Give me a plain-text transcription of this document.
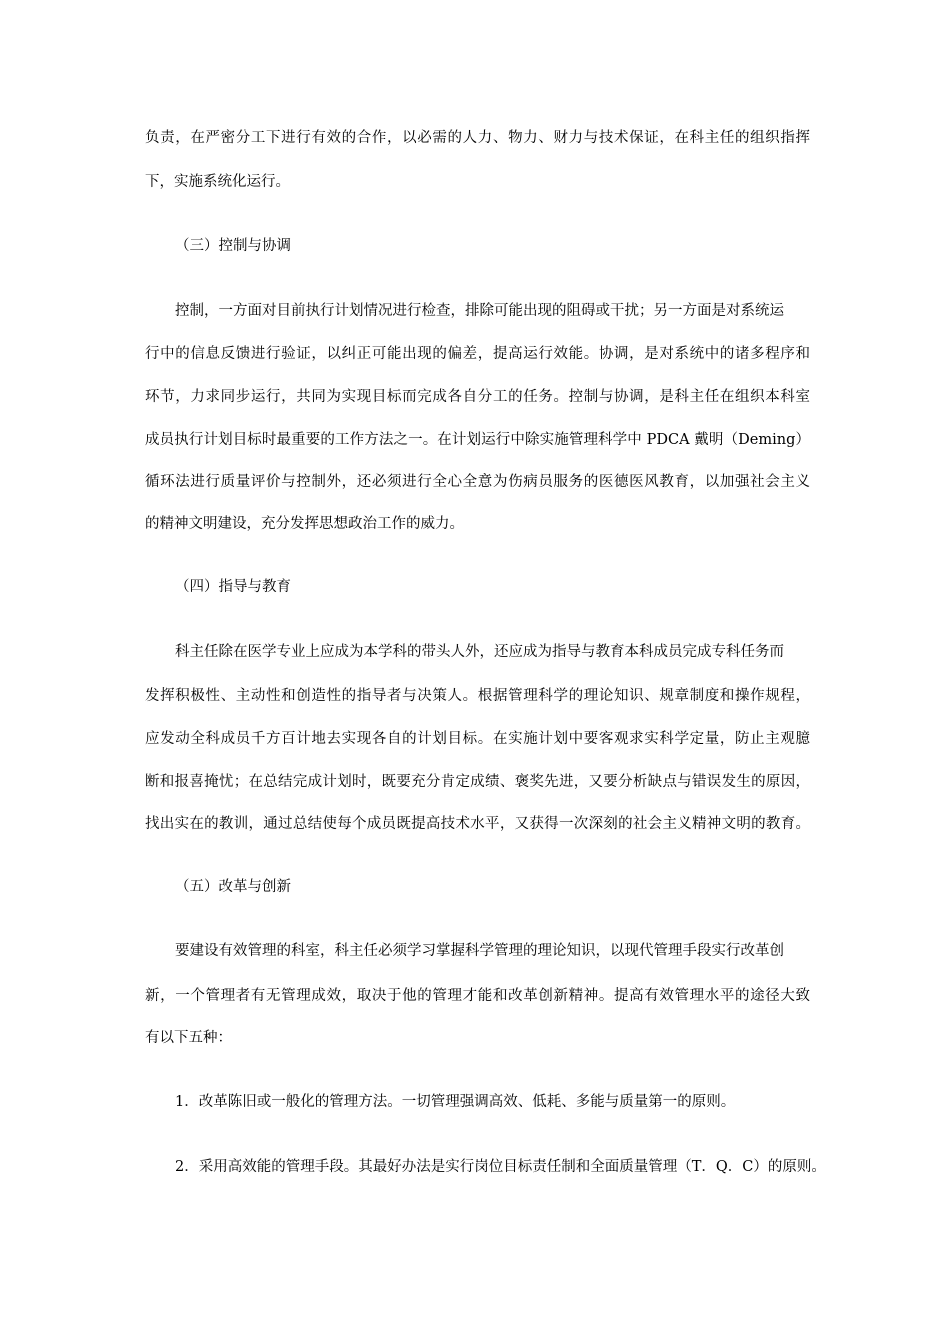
负责，在严密分工下进行有效的合作，以必需的人力、物力、财力与技术保证，在科主任的组织指挥
下，实施系统化运行。
（三）控制与协调
控制，一方面对目前执行计划情况进行检查，排除可能出现的阻碍或干扰；另一方面是对系统运
行中的信息反馈进行验证，以纠正可能出现的偏差，提高运行效能。协调，是对系统中的诸多程序和
环节，力求同步运行，共同为实现目标而完成各自分工的任务。控制与协调，是科主任在组织本科室
成员执行计划目标时最重要的工作方法之一。在计划运行中除实施管理科学中 PDCA 戴明（Deming）
循环法进行质量评价与控制外，还必须进行全心全意为伤病员服务的医德医风教育，以加强社会主义
的精神文明建设，充分发挥思想政治工作的威力。
（四）指导与教育
科主任除在医学专业上应成为本学科的带头人外，还应成为指导与教育本科成员完成专科任务而
发挥积极性、主动性和创造性的指导者与决策人。根据管理科学的理论知识、规章制度和操作规程，
应发动全科成员千方百计地去实现各自的计划目标。在实施计划中要客观求实科学定量，防止主观臆
断和报喜掩忧；在总结完成计划时，既要充分肯定成绩、褒奖先进，又要分析缺点与错误发生的原因，
找出实在的教训，通过总结使每个成员既提高技术水平，又获得一次深刻的社会主义精神文明的教育。
（五）改革与创新
要建设有效管理的科室，科主任必须学习掌握科学管理的理论知识，以现代管理手段实行改革创
新，一个管理者有无管理成效，取决于他的管理才能和改革创新精神。提高有效管理水平的途径大致
有以下五种：
1．改革陈旧或一般化的管理方法。一切管理强调高效、低耗、多能与质量第一的原则。
2．采用高效能的管理手段。其最好办法是实行岗位目标责任制和全面质量管理（T．Q．C）的原则。
